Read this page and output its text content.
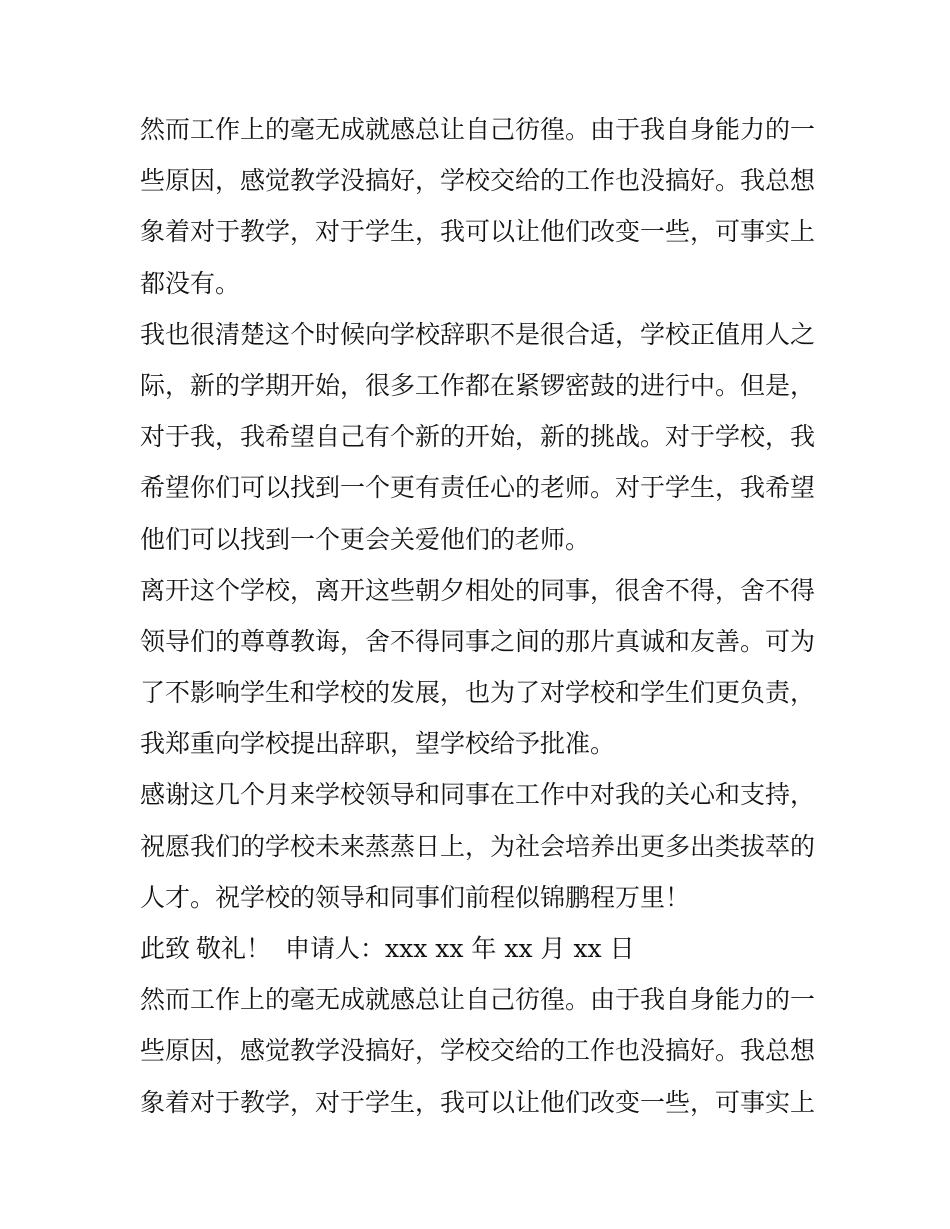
然而工作上的毫无成就感总让自己彷徨。由于我自身能力的一
些原因，感觉教学没搞好，学校交给的工作也没搞好。我总想
象着对于教学，对于学生，我可以让他们改变一些，可事实上
都没有。
我也很清楚这个时候向学校辞职不是很合适，学校正值用人之
际，新的学期开始，很多工作都在紧锣密鼓的进行中。但是，
对于我，我希望自己有个新的开始，新的挑战。对于学校，我
希望你们可以找到一个更有责任心的老师。对于学生，我希望
他们可以找到一个更会关爱他们的老师。
离开这个学校，离开这些朝夕相处的同事，很舍不得，舍不得
领导们的尊尊教诲，舍不得同事之间的那片真诚和友善。可为
了不影响学生和学校的发展，也为了对学校和学生们更负责，
我郑重向学校提出辞职，望学校给予批准。
感谢这几个月来学校领导和同事在工作中对我的关心和支持，
祝愿我们的学校未来蒸蒸日上，为社会培养出更多出类拔萃的
人才。祝学校的领导和同事们前程似锦鹏程万里！
此致 敬礼！ 申请人：xxx xx 年 xx 月 xx 日
然而工作上的毫无成就感总让自己彷徨。由于我自身能力的一
些原因，感觉教学没搞好，学校交给的工作也没搞好。我总想
象着对于教学，对于学生，我可以让他们改变一些，可事实上
